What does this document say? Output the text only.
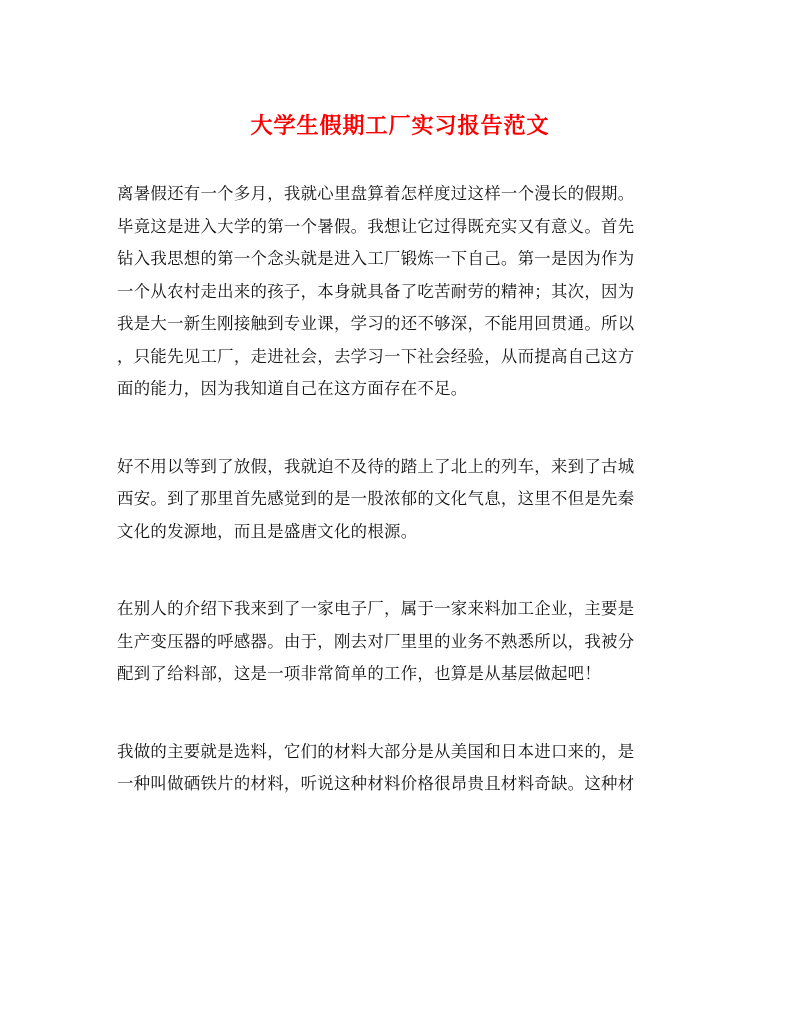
大学生假期工厂实习报告范文

离暑假还有一个多月，我就心里盘算着怎样度过这样一个漫长的假期。
毕竟这是进入大学的第一个暑假。我想让它过得既充实又有意义。首先
钻入我思想的第一个念头就是进入工厂锻炼一下自己。第一是因为作为
一个从农村走出来的孩子，本身就具备了吃苦耐劳的精神；其次，因为
我是大一新生刚接触到专业课，学习的还不够深，不能用回贯通。所以
，只能先见工厂，走进社会，去学习一下社会经验，从而提高自己这方
面的能力，因为我知道自己在这方面存在不足。

好不用以等到了放假，我就迫不及待的踏上了北上的列车，来到了古城
西安。到了那里首先感觉到的是一股浓郁的文化气息，这里不但是先秦
文化的发源地，而且是盛唐文化的根源。

在别人的介绍下我来到了一家电子厂，属于一家来料加工企业，主要是
生产变压器的呼感器。由于，刚去对厂里里的业务不熟悉所以，我被分
配到了给料部，这是一项非常简单的工作，也算是从基层做起吧！

我做的主要就是选料，它们的材料大部分是从美国和日本进口来的，是
一种叫做硒铁片的材料，听说这种材料价格很昂贵且材料奇缺。这种材
